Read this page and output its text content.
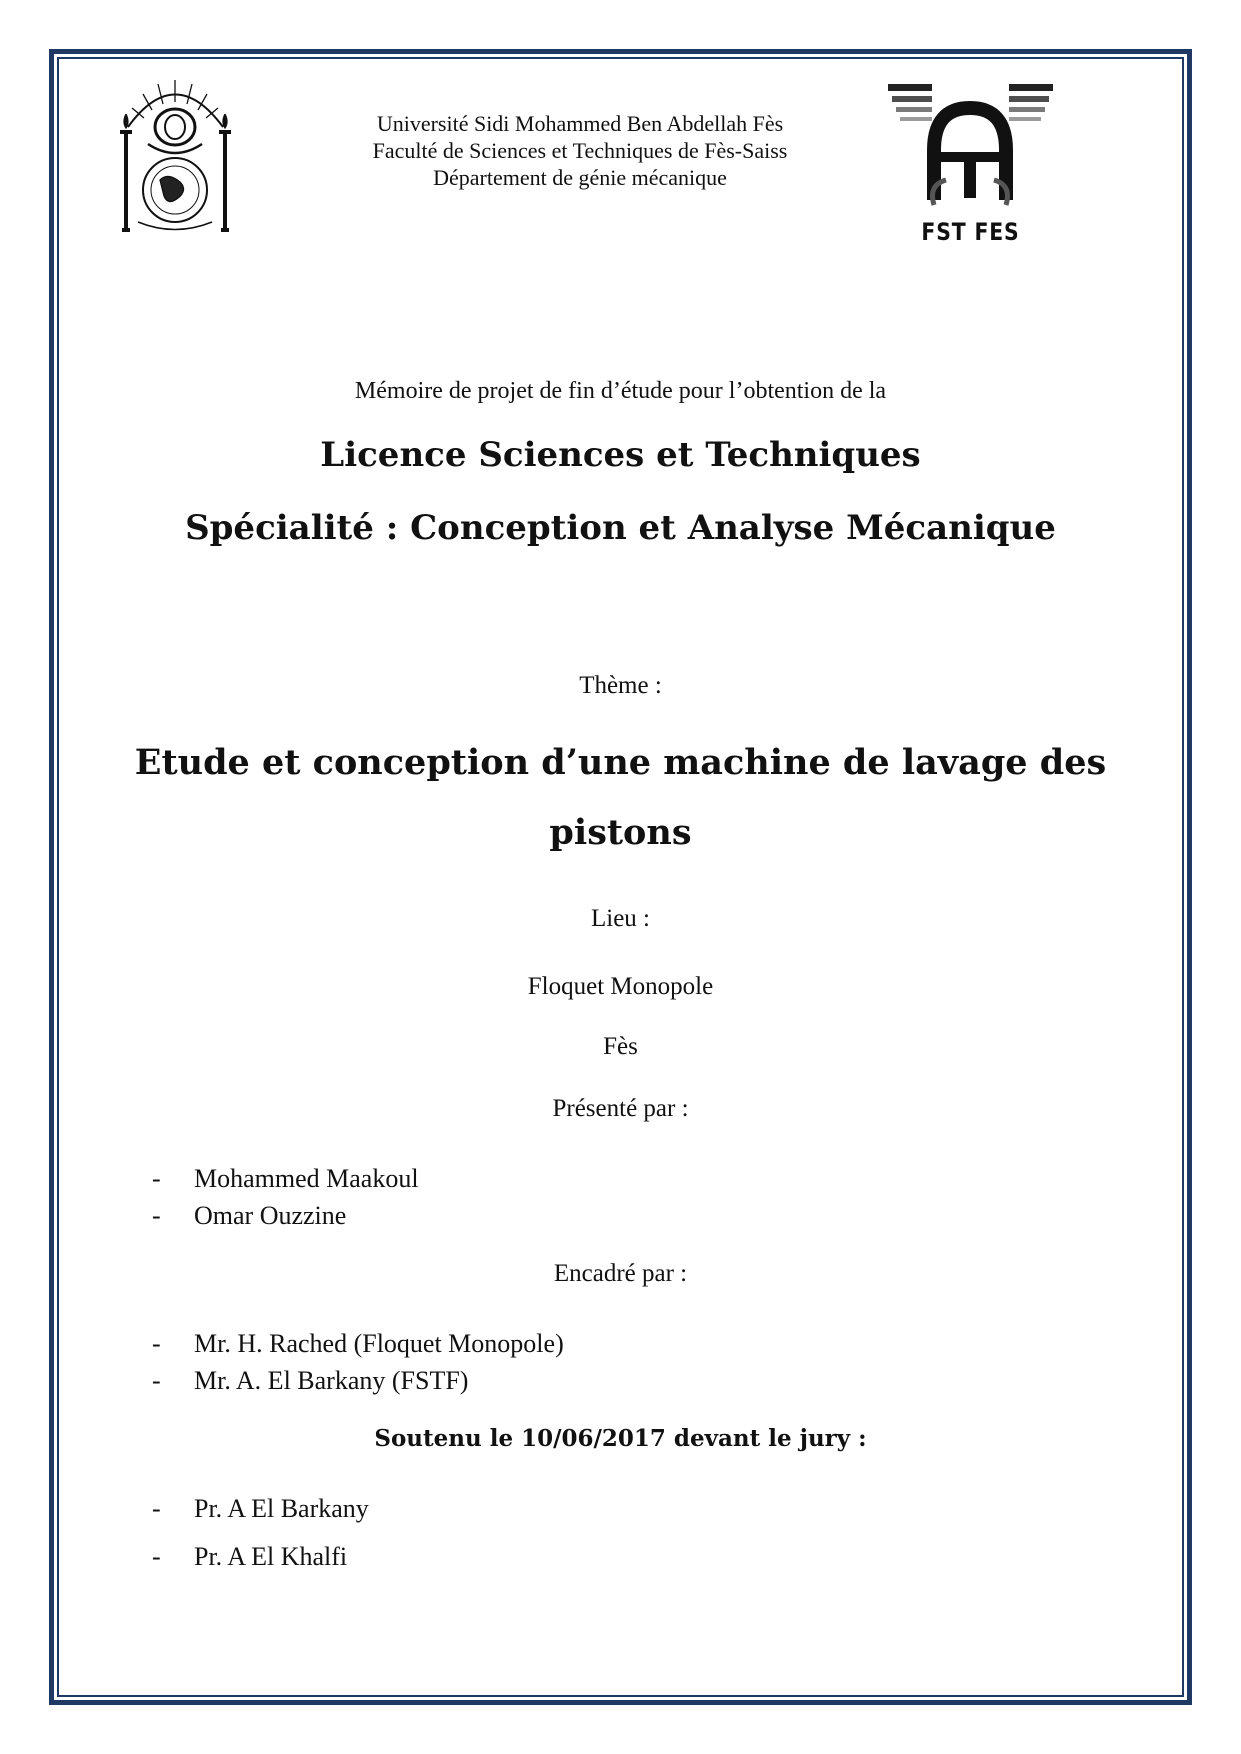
Université Sidi Mohammed Ben Abdellah Fès
Faculté de Sciences et Techniques de Fès-Saiss
Département de génie mécanique
FST FES
Mémoire de projet de fin d’étude pour l’obtention de la
Licence Sciences et Techniques
Spécialité : Conception et Analyse Mécanique
Thème :
Etude et conception d’une machine de lavage des
pistons
Lieu :
Floquet Monopole
Fès
Présenté par :
- Mohammed Maakoul
- Omar Ouzzine
Encadré par :
- Mr. H. Rached (Floquet Monopole)
- Mr. A. El Barkany (FSTF)
Soutenu le 10/06/2017 devant le jury :
- Pr. A El Barkany
- Pr. A El Khalfi
